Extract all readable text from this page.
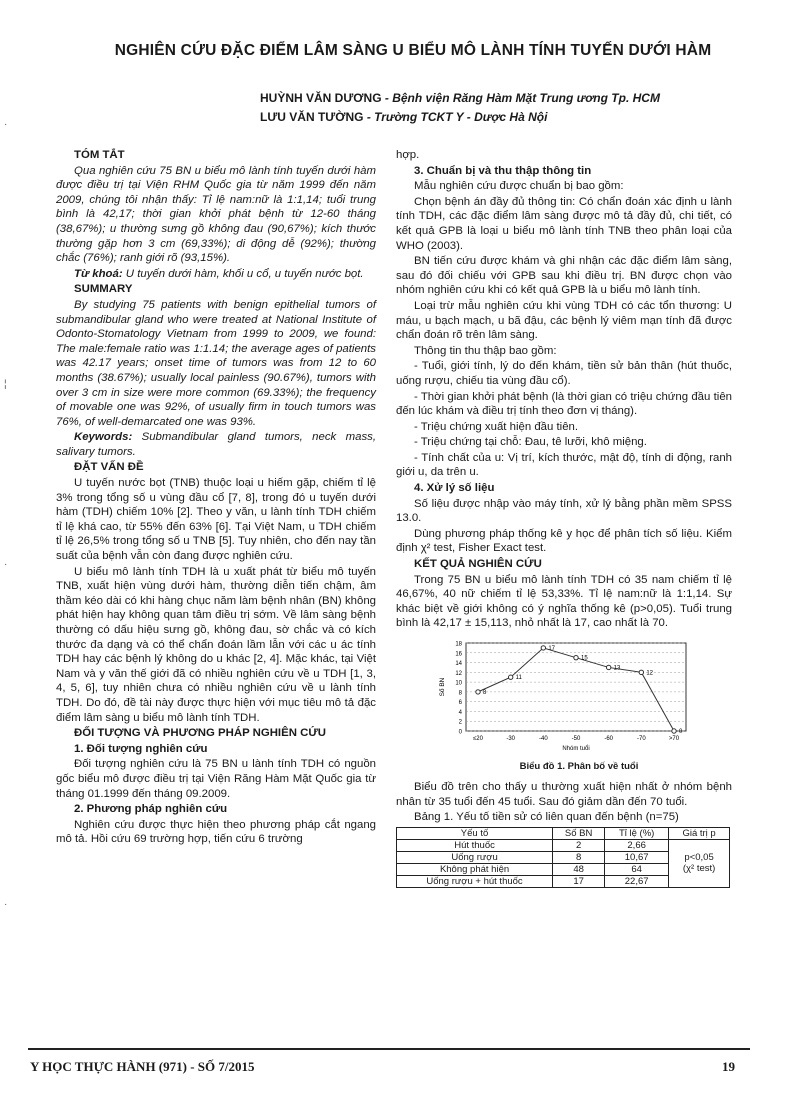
NGHIÊN CỨU ĐẶC ĐIỂM LÂM SÀNG U BIỂU MÔ LÀNH TÍNH TUYẾN DƯỚI HÀM
HUỲNH VĂN DƯƠNG - Bệnh viện Răng Hàm Mặt Trung ương Tp. HCM
LƯU VĂN TƯỜNG - Trường TCKT Y - Dược Hà Nội

TÓM TẮT

Qua nghiên cứu 75 BN u biểu mô lành tính tuyến dưới hàm được điều trị tại Viện RHM Quốc gia từ năm 1999 đến năm 2009, chúng tôi nhận thấy: Tỉ lệ nam:nữ là 1:1,14; tuổi trung bình là 42,17; thời gian khởi phát bệnh từ 12-60 tháng (38,67%); u thường sưng gồ không đau (90,67%); kích thước thường gặp hơn 3 cm (69,33%); di động dễ (92%); thường chắc (76%); ranh giới rõ (93,15%).

Từ khoá: U tuyến dưới hàm, khối u cổ, u tuyến nước bọt.

SUMMARY

By studying 75 patients with benign epithelial tumors of submandibular gland who were treated at National Institute of Odonto-Stomatology Vietnam from 1999 to 2009, we found: The male:female ratio was 1:1.14; the average ages of patients was 42.17 years; onset time of tumors was from 12 to 60 months (38.67%); usually local painless (90.67%), tumors with over 3 cm in size were more common (69.33%); the frequency of movable one was 92%, of usually firm in touch tumors was 76%, of well-demarcated one was 93%.

Keywords: Submandibular gland tumors, neck mass, salivary tumors.

ĐẶT VẤN ĐỀ

U tuyến nước bọt (TNB) thuộc loại u hiếm gặp, chiếm tỉ lệ 3% trong tổng số u vùng đầu cổ [7, 8], trong đó u tuyến dưới hàm (TDH) chiếm 10% [2]. Theo y văn, u lành tính TDH chiếm tỉ lệ khá cao, từ 55% đến 63% [6]. Tại Việt Nam, u TDH chiếm tỉ lệ 26,5% trong tổng số u TNB [5]. Tuy nhiên, cho đến nay tần suất của bệnh vẫn còn đang được nghiên cứu.

U biểu mô lành tính TDH là u xuất phát từ biểu mô tuyến TNB, xuất hiện vùng dưới hàm, thường diễn tiến chậm, âm thầm kéo dài có khi hàng chục năm làm bệnh nhân (BN) không phát hiện hay không quan tâm điều trị sớm. Về lâm sàng bệnh thường có dấu hiệu sưng gồ, không đau, sờ chắc và có kích thước đa dạng và có thể chẩn đoán lầm lẫn với các u ác tính TDH hay các bệnh lý không do u khác [2, 4]. Mặc khác, tại Việt Nam và y văn thế giới đã có nhiều nghiên cứu về u TDH [1, 3, 4, 5, 6], tuy nhiên chưa có nhiều nghiên cứu về u lành tính TDH. Do đó, đề tài này được thực hiện với mục tiêu mô tả đặc điểm lâm sàng u biểu mô lành tính TDH.

ĐỐI TƯỢNG VÀ PHƯƠNG PHÁP NGHIÊN CỨU

1. Đối tượng nghiên cứu

Đối tượng nghiên cứu là 75 BN u lành tính TDH có nguồn gốc biểu mô được điều trị tại Viện Răng Hàm Mặt Quốc gia từ tháng 01.1999 đến tháng 09.2009.

2. Phương pháp nghiên cứu

Nghiên cứu được thực hiện theo phương pháp cắt ngang mô tả. Hồi cứu 69 trường hợp, tiến cứu 6 trường

hợp.

3. Chuẩn bị và thu thập thông tin

Mẫu nghiên cứu được chuẩn bị bao gồm:

Chọn bệnh án đầy đủ thông tin: Có chẩn đoán xác định u lành tính TDH, các đặc điểm lâm sàng được mô tả đầy đủ, chi tiết, có kết quả GPB là loại u biểu mô lành tính TNB theo phân loại của WHO (2003).

BN tiến cứu được khám và ghi nhận các đặc điểm lâm sàng, sau đó đối chiếu với GPB sau khi điều trị. BN được chọn vào nhóm nghiên cứu khi có kết quả GPB là u biểu mô lành tính.

Loại trừ mẫu nghiên cứu khi vùng TDH có các tổn thương: U máu, u bạch mạch, u bã đậu, các bệnh lý viêm mạn tính đã được chẩn đoán rõ trên lâm sàng.

Thông tin thu thập bao gồm:

- Tuổi, giới tính, lý do đến khám, tiền sử bản thân (hút thuốc, uống rượu, chiếu tia vùng đầu cổ).

- Thời gian khởi phát bệnh (là thời gian có triệu chứng đầu tiên đến lúc khám và điều trị tính theo đơn vị tháng).

- Triệu chứng xuất hiện đầu tiên.

- Triệu chứng tại chỗ: Đau, tê lưỡi, khô miệng.

- Tính chất của u: Vị trí, kích thước, mật độ, tính di động, ranh giới u, da trên u.

4. Xử lý số liệu

Số liệu được nhập vào máy tính, xử lý bằng phần mềm SPSS 13.0.

Dùng phương pháp thống kê y học để phân tích số liệu. Kiểm định χ² test, Fisher Exact test.

KẾT QUẢ NGHIÊN CỨU

Trong 75 BN u biểu mô lành tính TDH có 35 nam chiếm tỉ lệ 46,67%, 40 nữ chiếm tỉ lệ 53,33%. Tỉ lệ nam:nữ là 1:1,14. Sự khác biệt về giới không có ý nghĩa thống kê (p>0,05). Tuổi trung bình là 42,17 ± 15,113, nhỏ nhất là 17, cao nhất là 70.

0
2
4
6
8
10
12
14
16
18
Số BN
≤20	-30	-40	-50	-60	-70	>70
Nhóm tuổi
8
11
17
15
13
12
0
Biểu đồ 1. Phân bố về tuổi

Biểu đồ trên cho thấy u thường xuất hiện nhất ở nhóm bệnh nhân từ 35 tuổi đến 45 tuổi. Sau đó giảm dần đến 70 tuổi.

Bảng 1. Yếu tố tiền sử có liên quan đến bệnh (n=75)

Yếu tố	Số BN	Tỉ lệ (%)	Giá trị p
Hút thuốc	2	2,66	p<0,05
(χ² test)

Uống rượu	8	10,67	
Không phát hiện	48	64	
Uống rượu + hút thuốc	17	22,67	
·
¦
·
·
Y HỌC THỰC HÀNH (971) - SỐ 7/2015	19
